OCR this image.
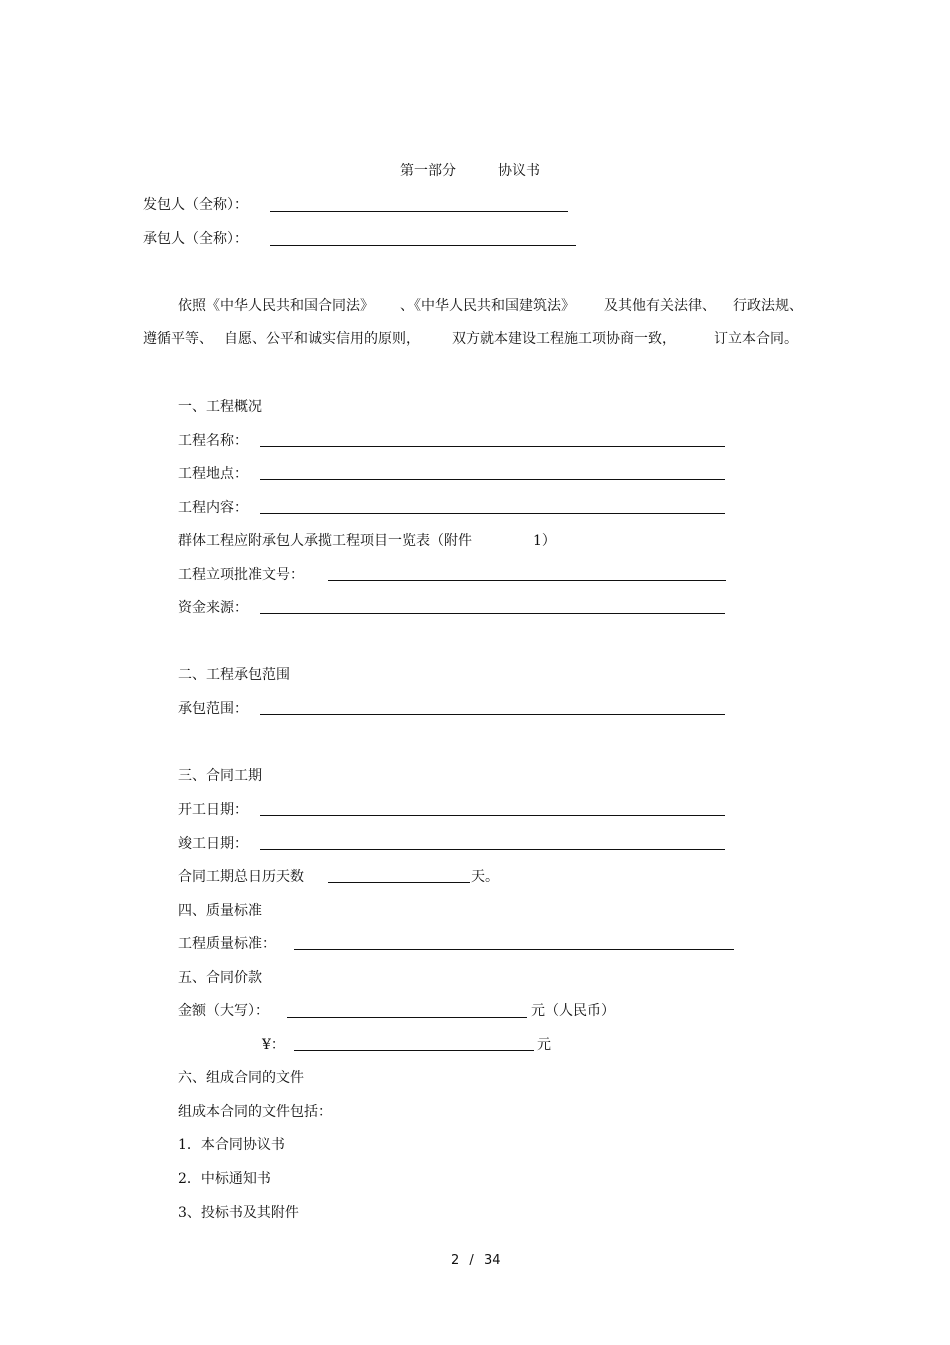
第一部分	协议书
发包人（全称）：
承包人（全称）：
依照《中华人民共和国合同法》 、《中华人民共和国建筑法》 及其他有关法律、 行政法规、
遵循平等、 自愿、公平和诚实信用的原则， 双方就本建设工程施工项协商一致，	订立本合同。
一、工程概况
工程名称：
工程地点：
工程内容：
群体工程应附承包人承揽工程项目一览表（附件	1）
工程立项批准文号：
资金来源：
二、工程承包范围
承包范围：
三、合同工期
开工日期：
竣工日期：
合同工期总日历天数	天。
四、质量标准
工程质量标准：
五、合同价款
金额（大写）：	元（人民币）
¥：	元
六、组成合同的文件
组成本合同的文件包括：
1．本合同协议书
2．中标通知书
3、投标书及其附件
2 / 34
